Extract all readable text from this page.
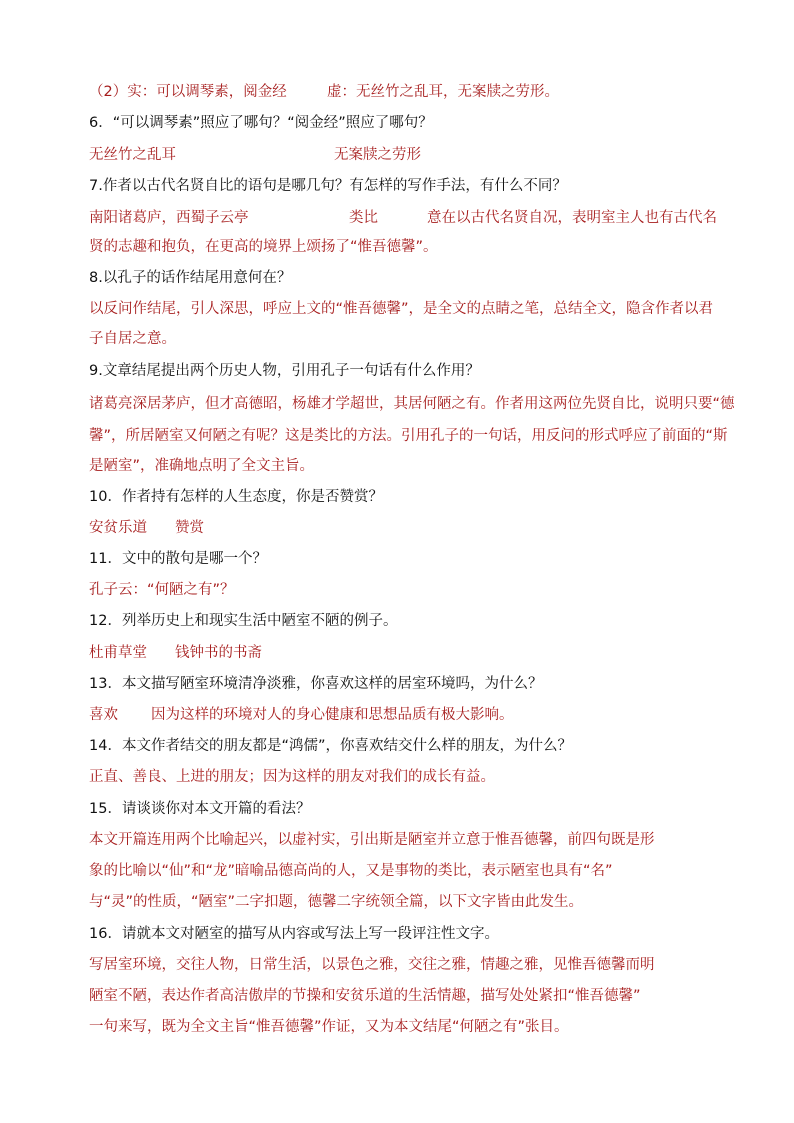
（2）实：可以调琴素，阅金经	虚：无丝竹之乱耳，无案牍之劳形。
6．“可以调琴素”照应了哪句？“阅金经”照应了哪句？
无丝竹之乱耳	无案牍之劳形
7.作者以古代名贤自比的语句是哪几句？有怎样的写作手法，有什么不同？
南阳诸葛庐，西蜀子云亭	类比	意在以古代名贤自况，表明室主人也有古代名
贤的志趣和抱负，在更高的境界上颂扬了“惟吾德馨”。
8.以孔子的话作结尾用意何在？
以反问作结尾，引人深思，呼应上文的“惟吾德馨”，是全文的点睛之笔，总结全文，隐含作者以君
子自居之意。
9.文章结尾提出两个历史人物，引用孔子一句话有什么作用？
诸葛亮深居茅庐，但才高德昭，杨雄才学超世，其居何陋之有。作者用这两位先贤自比，说明只要“德
馨”，所居陋室又何陋之有呢？这是类比的方法。引用孔子的一句话，用反问的形式呼应了前面的“斯
是陋室”，准确地点明了全文主旨。
10．作者持有怎样的人生态度，你是否赞赏？
安贫乐道 赞赏
11．文中的散句是哪一个？
孔子云：“何陋之有”？
12．列举历史上和现实生活中陋室不陋的例子。
杜甫草堂 钱钟书的书斋
13．本文描写陋室环境清净淡雅，你喜欢这样的居室环境吗，为什么？
喜欢 因为这样的环境对人的身心健康和思想品质有极大影响。
14．本文作者结交的朋友都是“鸿儒”，你喜欢结交什么样的朋友，为什么？
正直、善良、上进的朋友；因为这样的朋友对我们的成长有益。
15．请谈谈你对本文开篇的看法？
本文开篇连用两个比喻起兴，以虚衬实，引出斯是陋室并立意于惟吾德馨，前四句既是形
象的比喻以“仙”和“龙”暗喻品德高尚的人，又是事物的类比，表示陋室也具有“名”
与“灵”的性质，“陋室”二字扣题，德馨二字统领全篇，以下文字皆由此发生。
16．请就本文对陋室的描写从内容或写法上写一段评注性文字。
写居室环境，交往人物，日常生活，以景色之雅，交往之雅，情趣之雅，见惟吾德馨而明
陋室不陋，表达作者高洁傲岸的节操和安贫乐道的生活情趣，描写处处紧扣“惟吾德馨”
一句来写，既为全文主旨“惟吾德馨”作证，又为本文结尾“何陋之有”张目。
